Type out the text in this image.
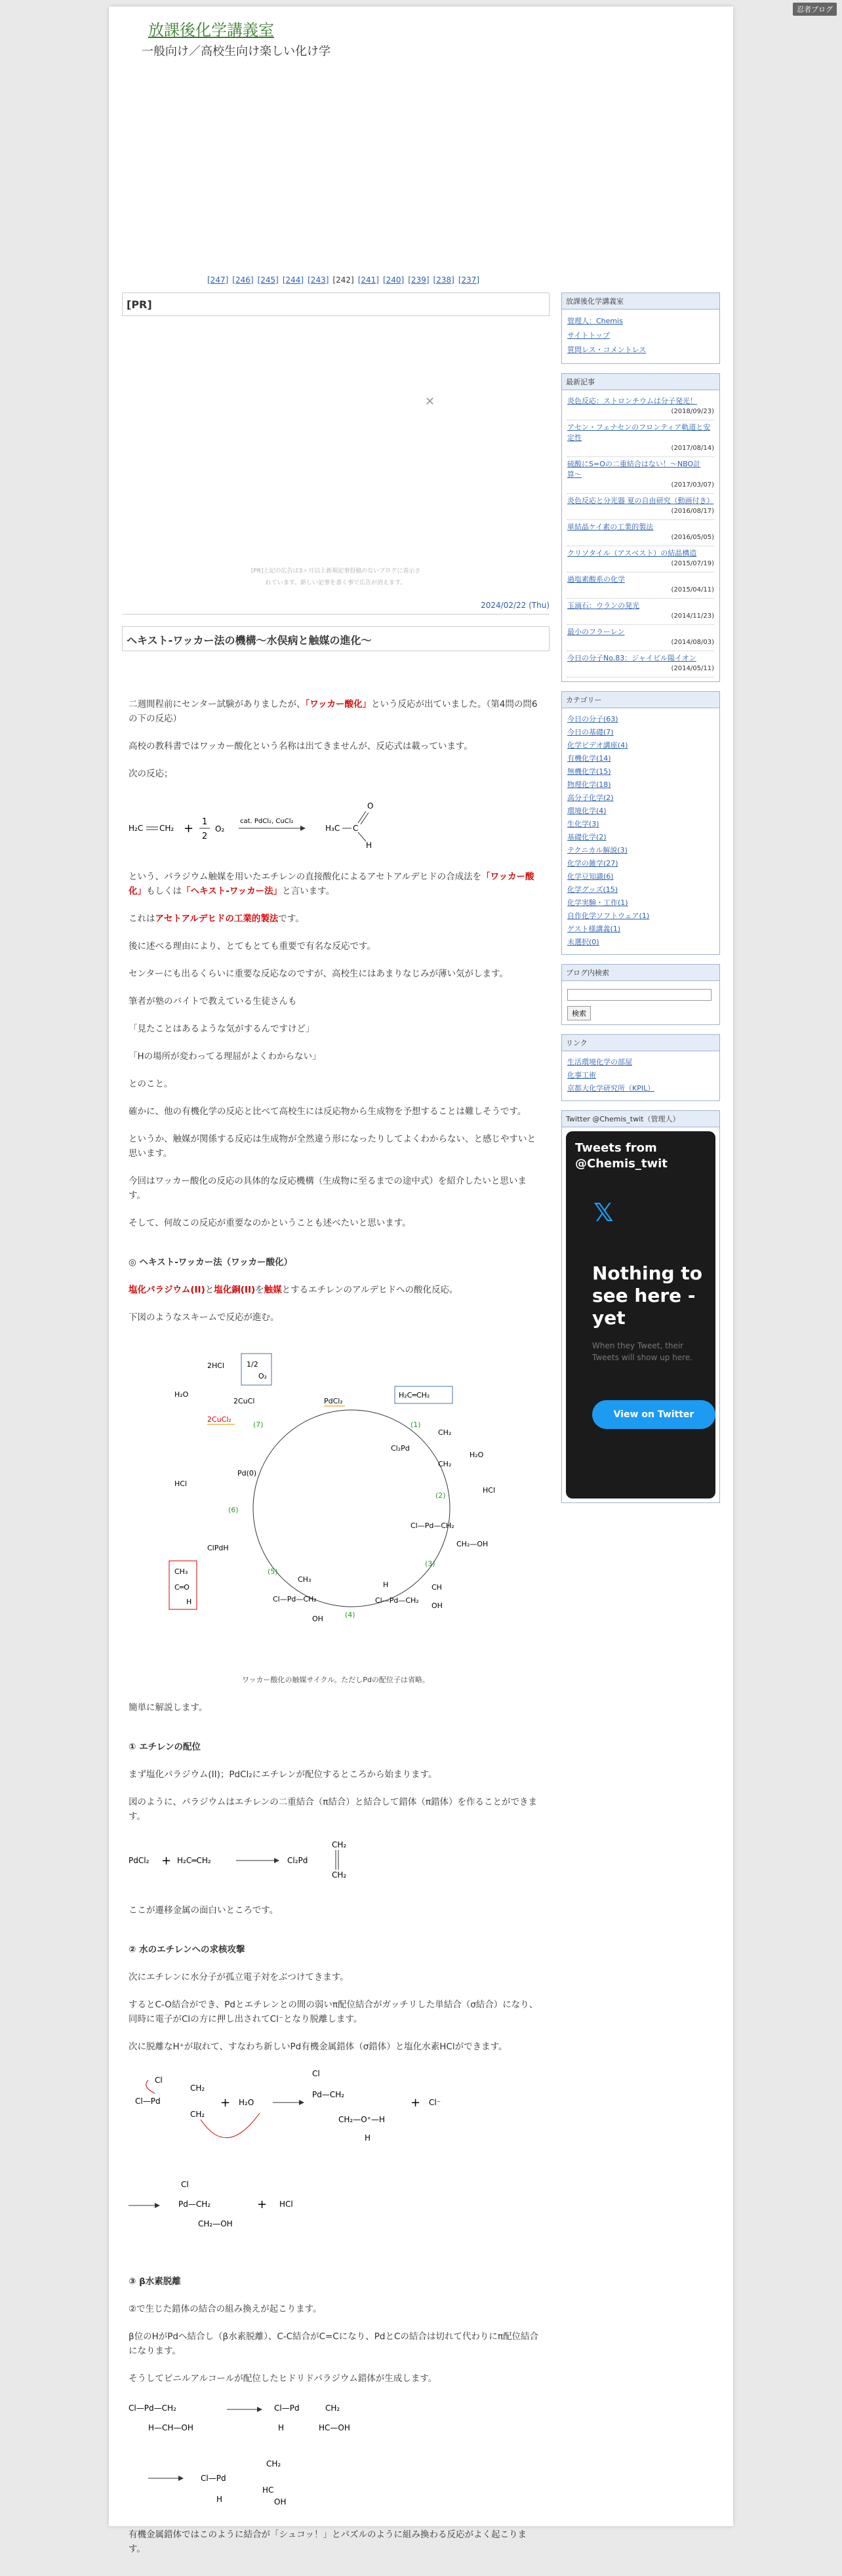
忍者ブログ
放課後化学講義室
一般向け／高校生向け楽しい化け学
[247] [246] [245] [244] [243] [242] [241] [240] [239] [238] [237]
[PR]
✕
[PR]上記の広告は3ヶ月以上新規記事投稿のないブログに表示さ
れています。新しい記事を書く事で広告が消えます。
2024/02/22 (Thu)
ヘキスト-ワッカー法の機構～水俣病と触媒の進化～

二週間程前にセンター試験がありましたが、「ワッカー酸化」という反応が出ていました。（第4問の問6の下の反応）

高校の教科書ではワッカー酸化という名称は出てきませんが、反応式は載っています。

次の反応；

H₂C CH₂ + 1
2
O₂
cat. PdCl₂, CuCl₂
H₃C C
O
H

という、パラジウム触媒を用いたエチレンの直接酸化によるアセトアルデヒドの合成法を「ワッカー酸化」もしくは「ヘキスト-ワッカー法」と言います。

これはアセトアルデヒドの工業的製法です。

後に述べる理由により、とてもとても重要で有名な反応です。

センターにも出るくらいに重要な反応なのですが、高校生にはあまりなじみが薄い気がします。

筆者が塾のバイトで教えている生徒さんも

「見たことはあるような気がするんですけど」

「Hの場所が変わってる理屈がよくわからない」

とのこと。

確かに、他の有機化学の反応と比べて高校生には反応物から生成物を予想することは難しそうです。

というか、触媒が関係する反応は生成物が全然違う形になったりしてよくわからない、と感じやすいと思います。

今回はワッカー酸化の反応の具体的な反応機構（生成物に至るまでの途中式）を紹介したいと思います。

そして、何故この反応が重要なのかということも述べたいと思います。

◎ ヘキスト-ワッカー法（ワッカー酸化）

塩化パラジウム(II)と塩化銅(II)を触媒とするエチレンのアルデヒドへの酸化反応。

下図のようなスキームで反応が進む。

2HCl	1/2
O₂
H₂O
2CuCl
2CuCl₂
(7)
PdCl₂
H₂C═CH₂
(1)
Cl₂Pd
CH₂
CH₂
H₂O
HCl
(2)
Cl—Pd—CH₂
CH₂—OH
(3)
H
Cl—Pd—CH₂
CH
OH
(4)
Cl—Pd—CH₂
CH₃
OH
(5)
CH₃
C═O
H
ClPdH
(6)
HCl
Pd(0)

ワッカー酸化の触媒サイクル。ただしPdの配位子は省略。

簡単に解説します。

① エチレンの配位

まず塩化パラジウム(II)；PdCl₂にエチレンが配位するところから始まります。

図のように、パラジウムはエチレンの二重結合（π結合）と結合して錯体（π錯体）を作ることができます。

PdCl₂ + H₂C═CH₂	Cl₂Pd
CH₂
CH₂

ここが遷移金属の面白いところです。

② 水のエチレンへの求核攻撃

次にエチレンに水分子が孤立電子対をぶつけてきます。

するとC-O結合ができ、Pdとエチレンとの間の弱いπ配位結合がガッチリした単結合（σ結合）になり、同時に電子がClの方に押し出されてCl⁻となり脱離します。

次に脱離なH⁺が取れて、すなわち新しいPd有機金属錯体（σ錯体）と塩化水素HClができます。

Cl
Cl—Pd
CH₂
CH₂
+ H₂O
Cl
Pd—CH₂
CH₂—O⁺—H
H
+ Cl⁻

Cl
Pd—CH₂
CH₂—OH
+ HCl

③ β水素脱離

②で生じた錯体の結合の組み換えが起こります。

β位のHがPdへ結合し（β水素脱離）、C-C結合がC=Cになり、PdとCの結合は切れて代わりにπ配位結合になります。

そうしてビニルアルコールが配位したヒドリドパラジウム錯体が生成します。

Cl—Pd—CH₂
H—CH—OH
Cl—Pd	CH₂
HC—OH
H

Cl—Pd
H
CH₂
HC
OH

有機金属錯体ではこのように結合が「シュコッ！」とパズルのように組み換わる反応がよく起こります。

放課後化学講義室
管理人：Chemis
サイトトップ
質問レス・コメントレス
最新記事
炎色反応：ストロンチウムは分子発光！
(2018/09/23)
アセン・フェナセンのフロンティア軌道と安定性
(2017/08/14)
硫酸にS=Oの二重結合はない！〜NBO計算〜
(2017/03/07)
炎色反応と分光器 夏の自由研究（動画付き）
(2016/08/17)
単結晶ケイ素の工業的製法
(2016/05/05)
クリソタイル（アスベスト）の結晶構造
(2015/07/19)
過塩素酸系の化学
(2015/04/11)
玉滴石：ウランの発光
(2014/11/23)
最小のフラーレン
(2014/08/03)
今日の分子No.83：ジャイビル陽イオン
(2014/05/11)
カテゴリー
今日の分子(63)
今日の基礎(7)
化学ビデオ講座(4)
有機化学(14)
無機化学(15)
物理化学(18)
高分子化学(2)
環境化学(4)
生化学(3)
基礎化学(2)
テクニカル解説(3)
化学の雑学(27)
化学豆知識(6)
化学グッズ(15)
化学実験・工作(1)
自作化学ソフトウェア(1)
ゲスト様講義(1)
未選択(0)
ブログ内検索
検索
リンク
生活環境化学の部屋
化事工術
京都大化学研究所（KPIL）
Twitter @Chemis_twit（管理人）
Tweets from @Chemis_twit
𝕏
Nothing to see here - yet
When they Tweet, their Tweets will show up here.
View on Twitter
